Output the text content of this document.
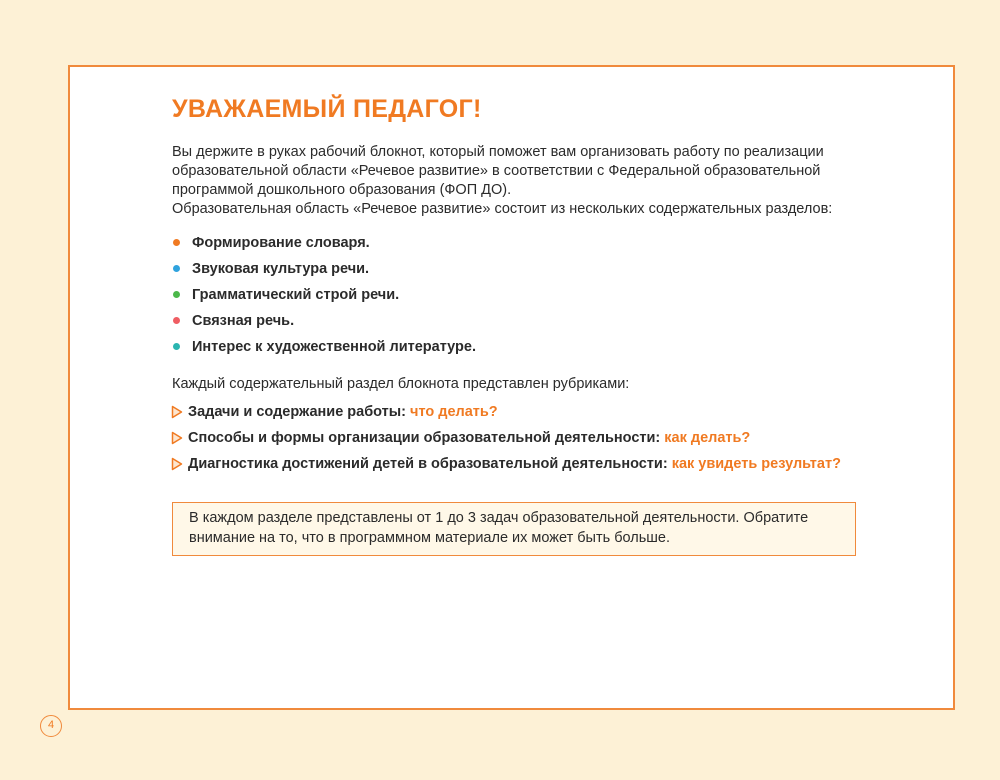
УВАЖАЕМЫЙ ПЕДАГОГ!

Вы держите в руках рабочий блокнот, который поможет вам организовать работу по реализации

образовательной области «Речевое развитие» в соответствии с Федеральной образовательной

программой дошкольного образования (ФОП ДО).

Образовательная область «Речевое развитие» состоит из нескольких содержательных разделов:

Формирование словаря.
Звуковая культура речи.
Грамматический строй речи.
Связная речь.
Интерес к художественной литературе.

Каждый содержательный раздел блокнота представлен рубриками:

Задачи и содержание работы: что делать?
Способы и формы организации образовательной деятельности: как делать?
Диагностика достижений детей в образовательной деятельности: как увидеть результат?
В каждом разделе представлены от 1 до 3 задач образовательной деятельности. Обратите
внимание на то, что в программном материале их может быть больше.
4
